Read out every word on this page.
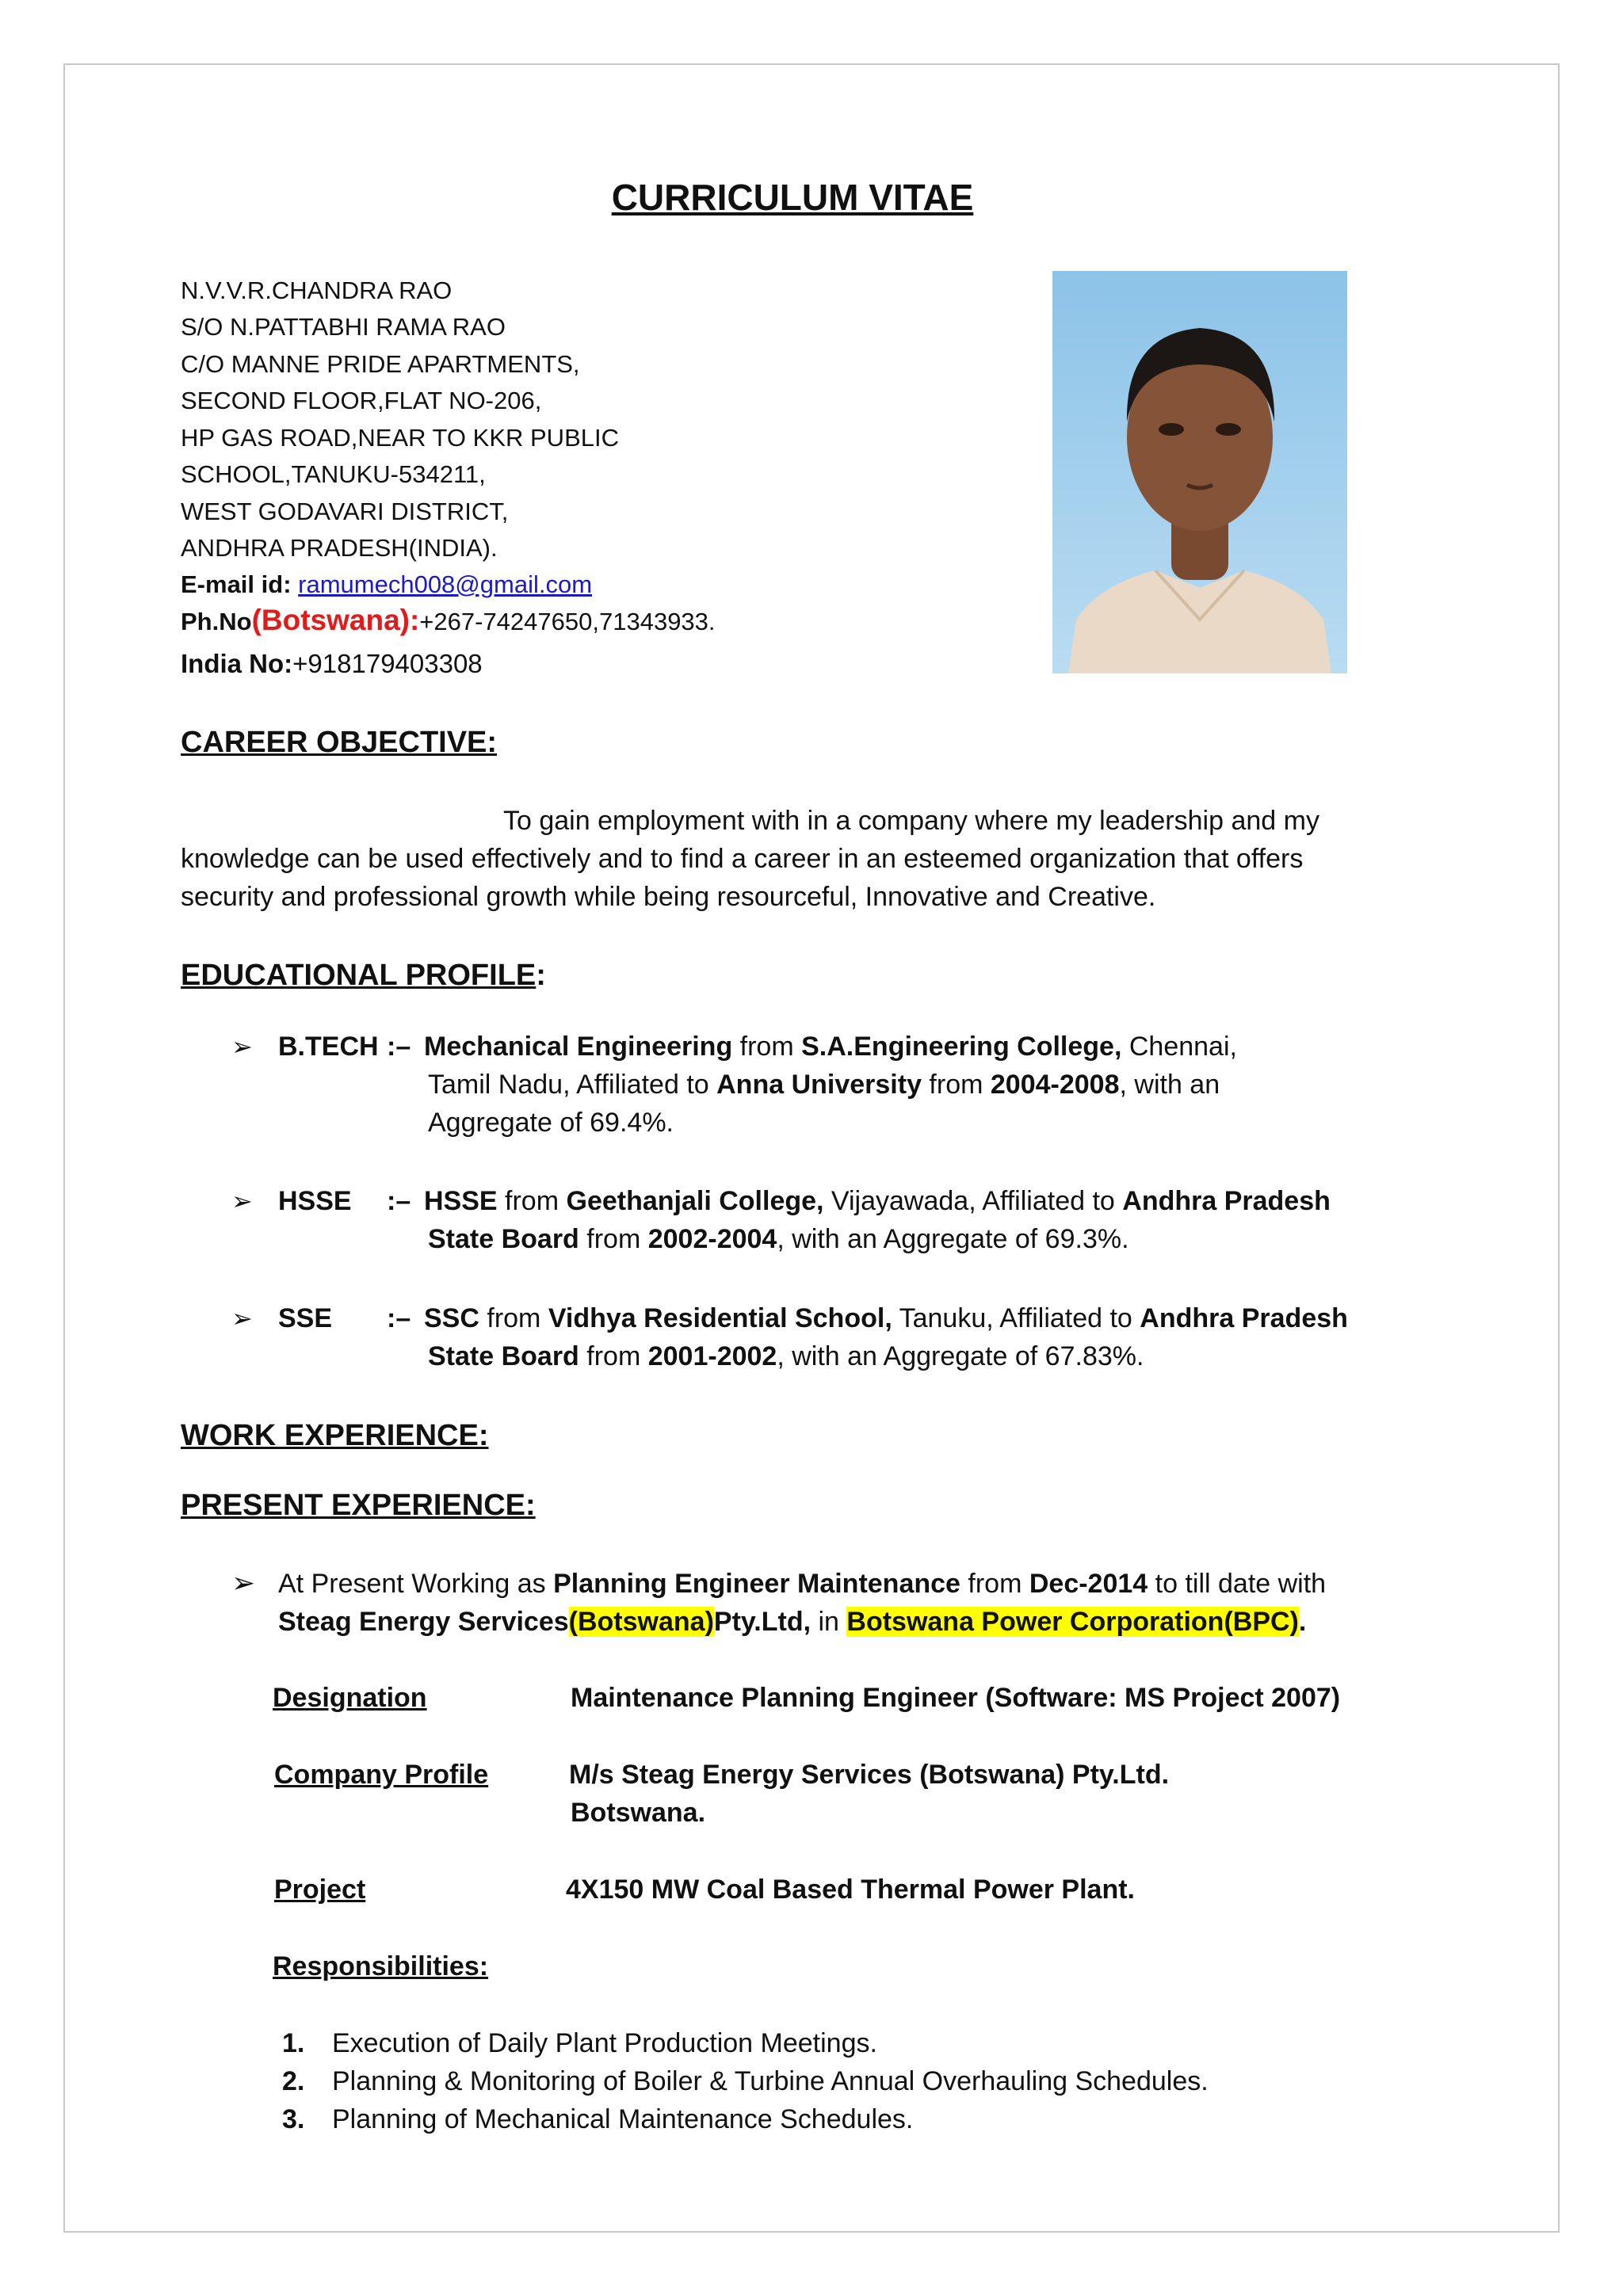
CURRICULUM VITAE
N.V.V.R.CHANDRA RAO
S/O N.PATTABHI RAMA RAO
C/O MANNE PRIDE APARTMENTS,
SECOND FLOOR,FLAT NO-206,
HP GAS ROAD,NEAR TO KKR PUBLIC
SCHOOL,TANUKU-534211,
WEST GODAVARI DISTRICT,
ANDHRA PRADESH(INDIA).
E-mail id: ramumech008@gmail.com
Ph.No(Botswana):+267-74247650,71343933.
India No:+918179403308
CAREER OBJECTIVE:
To gain employment with in a company where my leadership and my
knowledge can be used effectively and to find a career in an esteemed organization that offers
security and professional growth while being resourceful, Innovative and Creative.
EDUCATIONAL PROFILE:
➢ B.TECH :– Mechanical Engineering from S.A.Engineering College, Chennai,
Tamil Nadu, Affiliated to Anna University from 2004-2008, with an
Aggregate of 69.4%.
➢ HSSE :– HSSE from Geethanjali College, Vijayawada, Affiliated to Andhra Pradesh
State Board from 2002-2004, with an Aggregate of 69.3%.
➢ SSE :– SSC from Vidhya Residential School, Tanuku, Affiliated to Andhra Pradesh
State Board from 2001-2002, with an Aggregate of 67.83%.
WORK EXPERIENCE:
PRESENT EXPERIENCE:
➢ At Present Working as Planning Engineer Maintenance from Dec-2014 to till date with
Steag Energy Services(Botswana)Pty.Ltd, in Botswana Power Corporation(BPC).
Designation	Maintenance Planning Engineer (Software: MS Project 2007)
Company Profile	M/s Steag Energy Services (Botswana) Pty.Ltd.
Botswana.
Project	4X150 MW Coal Based Thermal Power Plant.
Responsibilities:
1. Execution of Daily Plant Production Meetings.
2. Planning & Monitoring of Boiler & Turbine Annual Overhauling Schedules.
3. Planning of Mechanical Maintenance Schedules.
